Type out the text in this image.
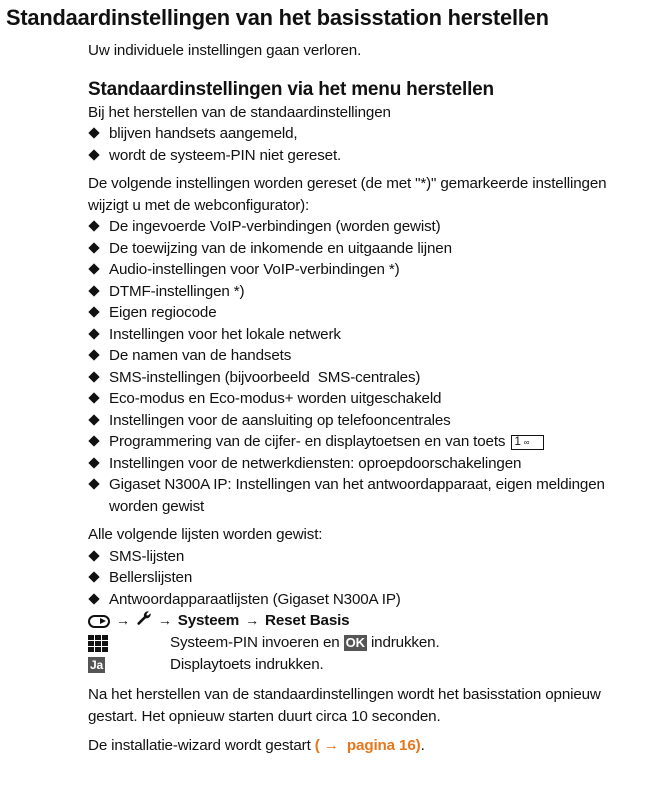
Standaardinstellingen van het basisstation herstellen

Uw individuele instellingen gaan verloren.

Standaardinstellingen via het menu herstellen

Bij het herstellen van de standaardinstellingen

blijven handsets aangemeld,
wordt de systeem-PIN niet gereset.

De volgende instellingen worden gereset (de met "*)" gemarkeerde instellingen wijzigt u met de webconfigurator):

De ingevoerde VoIP-verbindingen (worden gewist)
De toewijzing van de inkomende en uitgaande lijnen
Audio-instellingen voor VoIP-verbindingen *)
DTMF-instellingen *)
Eigen regiocode
Instellingen voor het lokale netwerk
De namen van de handsets
SMS-instellingen (bijvoorbeeld  SMS-centrales)
Eco-modus en Eco-modus+ worden uitgeschakeld
Instellingen voor de aansluiting op telefooncentrales
Programmering van de cijfer- en displaytoetsen en van toets 1 ∞
Instellingen voor de netwerkdiensten: oproepdoorschakelingen
Gigaset N300A IP: Instellingen van het antwoordapparaat, eigen meldingen worden gewist

Alle volgende lijsten worden gewist:

SMS-lijsten
Bellerslijsten
Antwoordapparaatlijsten (Gigaset N300A IP)
→ → Systeem → Reset Basis
Systeem-PIN invoeren en OK indrukken.
Ja	Displaytoets indrukken.

Na het herstellen van de standaardinstellingen wordt het basisstation opnieuw gestart. Het opnieuw starten duurt circa 10 seconden.

De installatie-wizard wordt gestart ( → pagina 16).
